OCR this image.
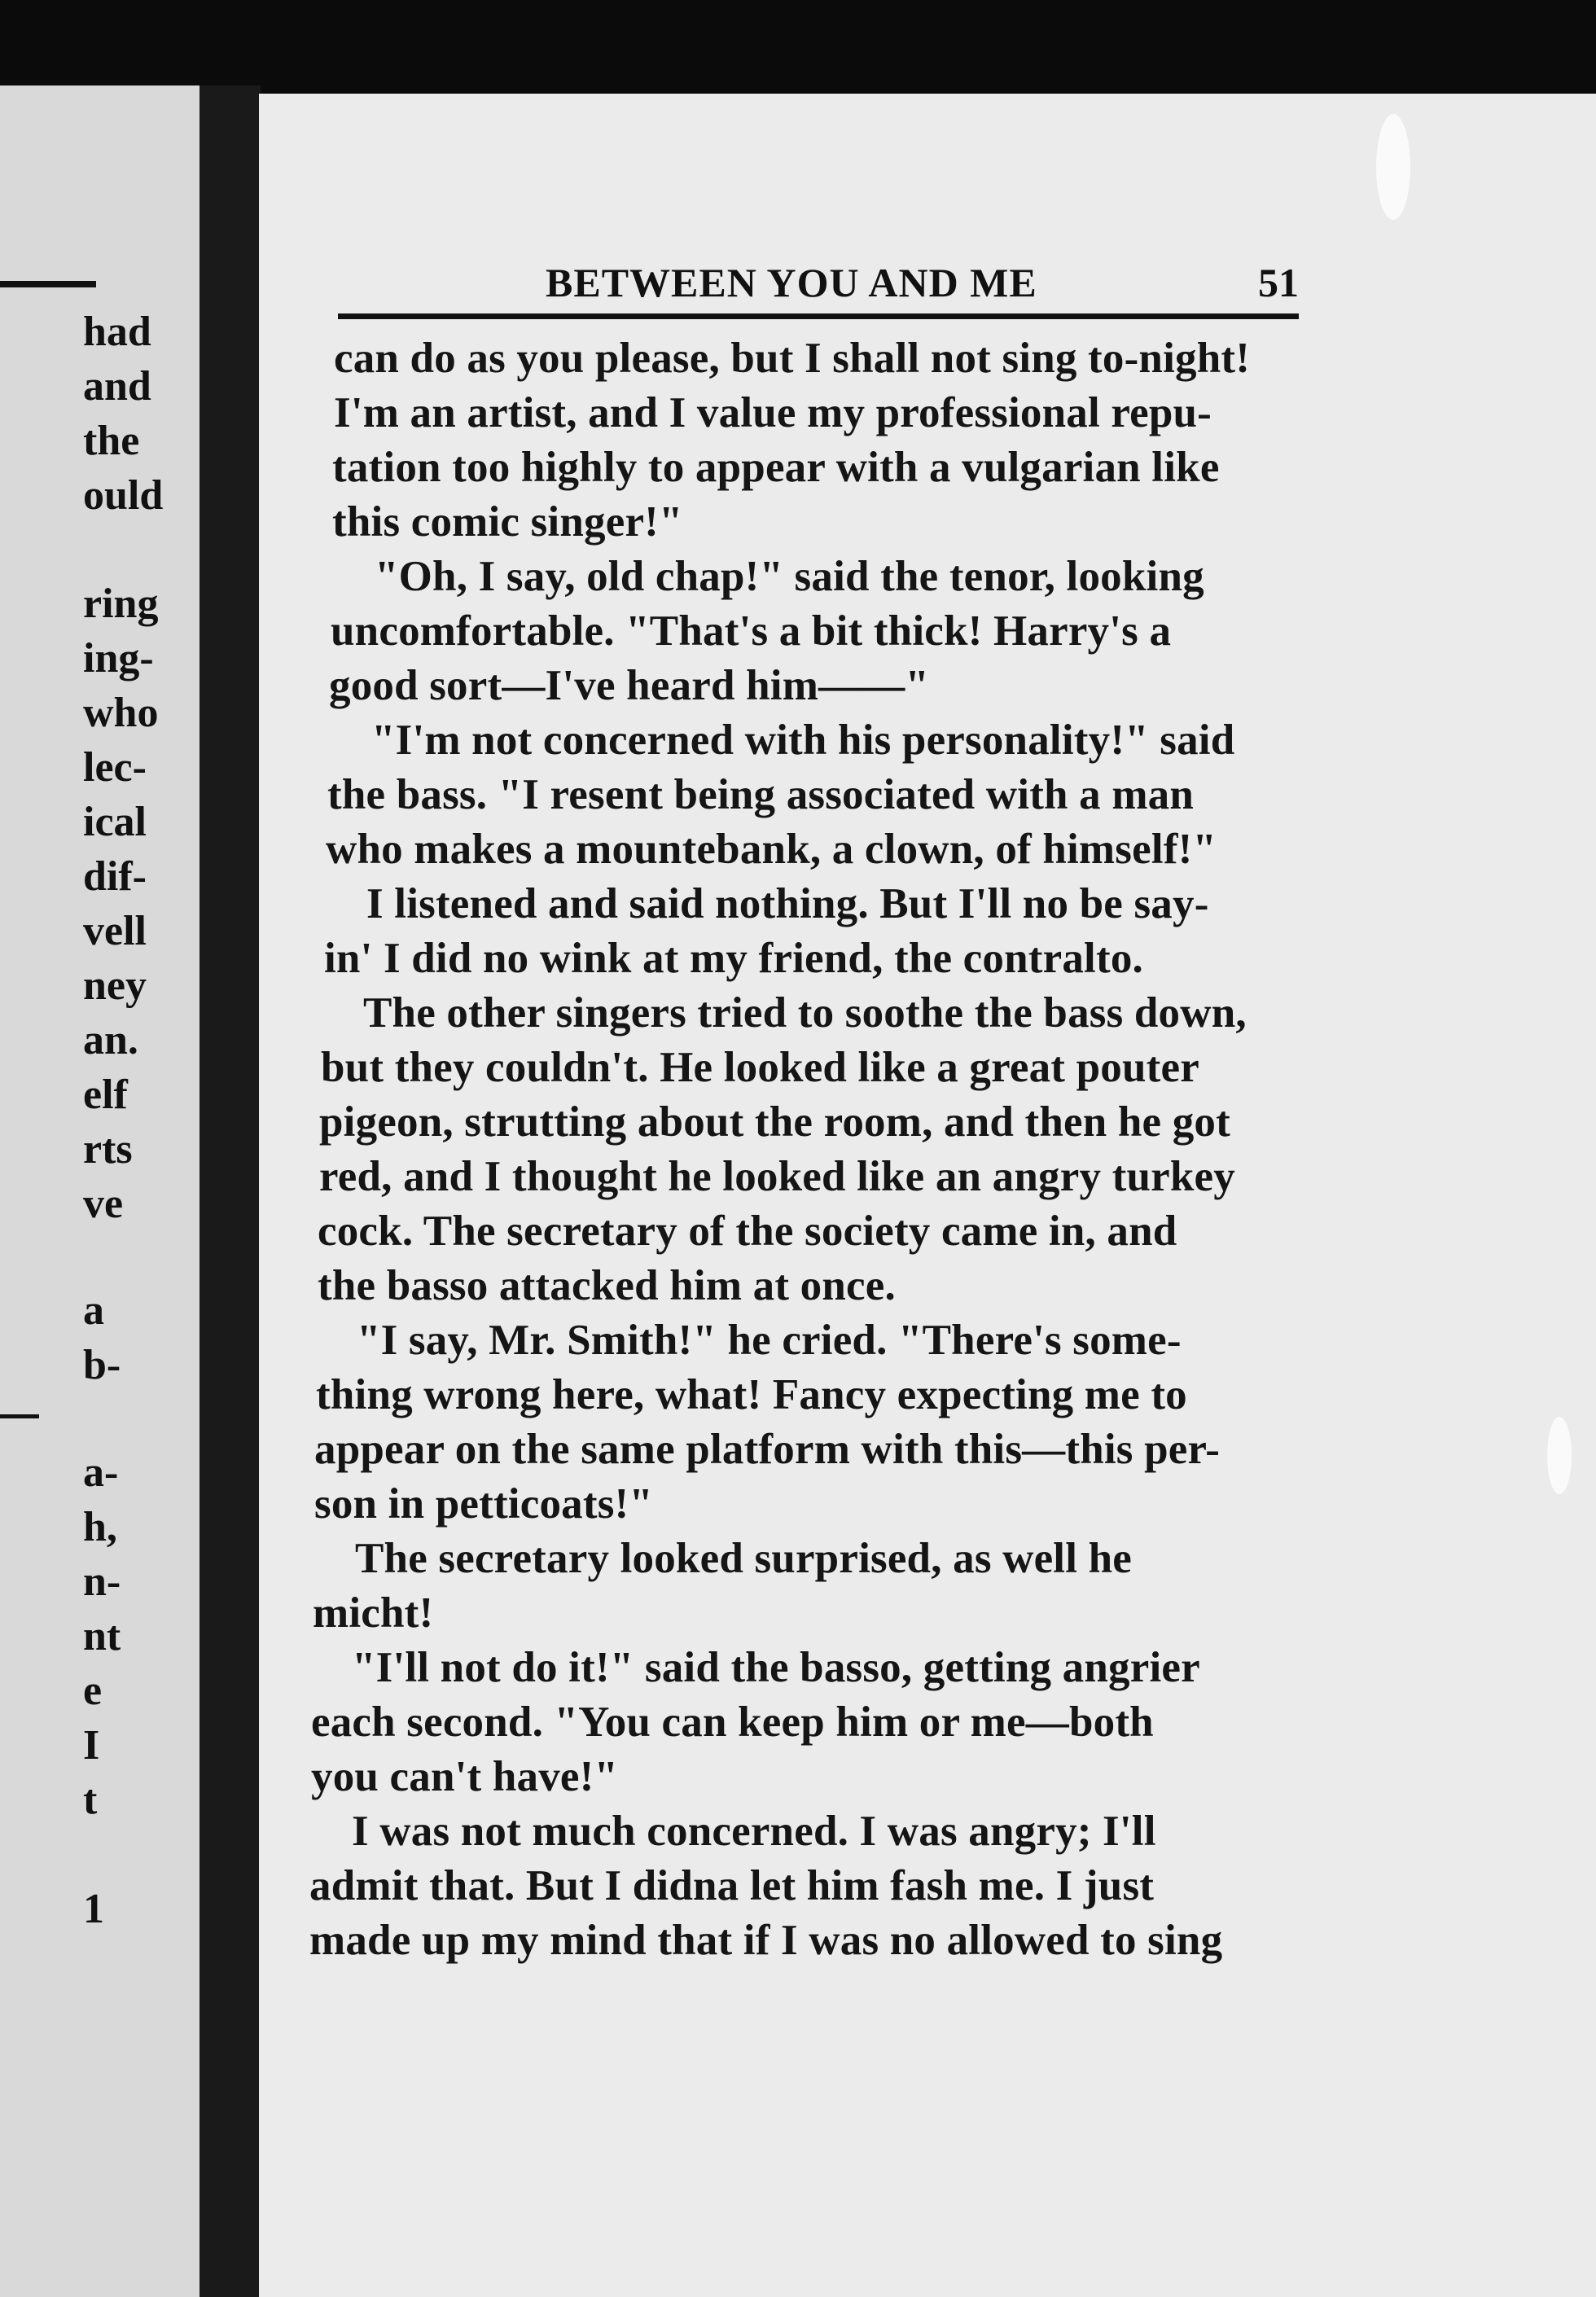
had
and
the
ould
ring
ing-
who
lec-
ical
dif-
vell
ney
an.
elf
rts
ve
a
b-
a-
h,
n-
nt
e
I
t
1
BETWEEN YOU AND ME	51
can do as you please, but I shall not sing to-night!
I'm an artist, and I value my professional repu-
tation too highly to appear with a vulgarian like
this comic singer!"
"Oh, I say, old chap!" said the tenor, looking
uncomfortable. "That's a bit thick! Harry's a
good sort—I've heard him——"
"I'm not concerned with his personality!" said
the bass. "I resent being associated with a man
who makes a mountebank, a clown, of himself!"
I listened and said nothing. But I'll no be say-
in' I did no wink at my friend, the contralto.
The other singers tried to soothe the bass down,
but they couldn't. He looked like a great pouter
pigeon, strutting about the room, and then he got
red, and I thought he looked like an angry turkey
cock. The secretary of the society came in, and
the basso attacked him at once.
"I say, Mr. Smith!" he cried. "There's some-
thing wrong here, what! Fancy expecting me to
appear on the same platform with this—this per-
son in petticoats!"
The secretary looked surprised, as well he
micht!
"I'll not do it!" said the basso, getting angrier
each second. "You can keep him or me—both
you can't have!"
I was not much concerned. I was angry; I'll
admit that. But I didna let him fash me. I just
made up my mind that if I was no allowed to sing
